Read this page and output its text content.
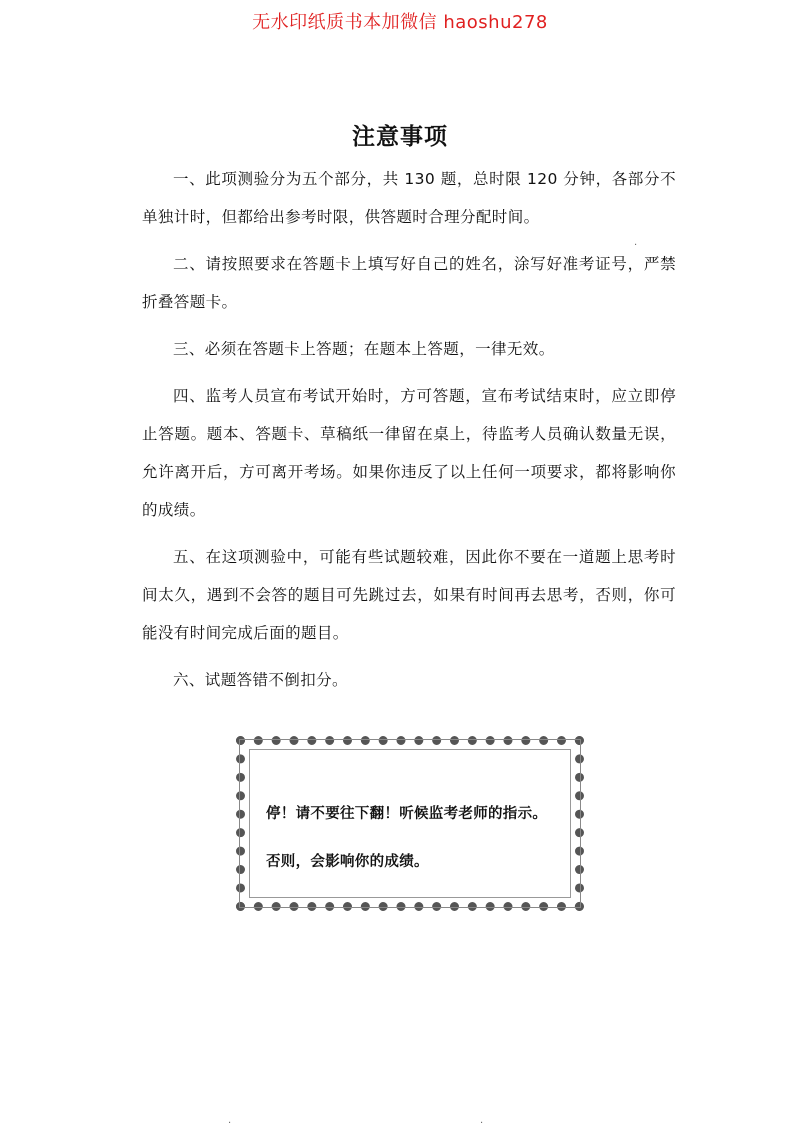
无水印纸质书本加微信 haoshu278
注意事项

一、此项测验分为五个部分，共 130 题，总时限 120 分钟，各部分不单独计时，但都给出参考时限，供答题时合理分配时间。

二、请按照要求在答题卡上填写好自己的姓名，涂写好准考证号，严禁折叠答题卡。

三、必须在答题卡上答题；在题本上答题，一律无效。

四、监考人员宣布考试开始时，方可答题，宣布考试结束时，应立即停止答题。题本、答题卡、草稿纸一律留在桌上，待监考人员确认数量无误，允许离开后，方可离开考场。如果你违反了以上任何一项要求，都将影响你的成绩。

五、在这项测验中，可能有些试题较难，因此你不要在一道题上思考时间太久，遇到不会答的题目可先跳过去，如果有时间再去思考，否则，你可能没有时间完成后面的题目。

六、试题答错不倒扣分。

停！请不要往下翻！听候监考老师的指示。
否则，会影响你的成绩。
·
·	·
